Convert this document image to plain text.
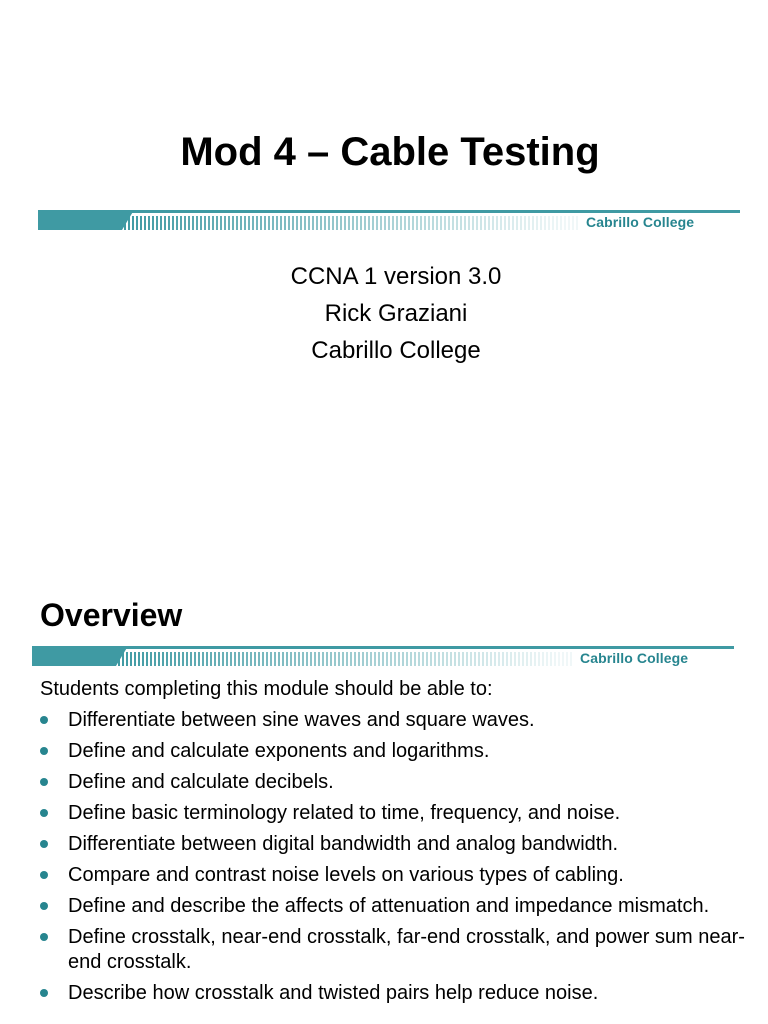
Mod 4 – Cable Testing
Cabrillo College
CCNA 1 version 3.0
Rick Graziani
Cabrillo College
Overview
Cabrillo College
Students completing this module should be able to:
Differentiate between sine waves and square waves.
Define and calculate exponents and logarithms.
Define and calculate decibels.
Define basic terminology related to time, frequency, and noise.
Differentiate between digital bandwidth and analog bandwidth.
Compare and contrast noise levels on various types of cabling.
Define and describe the affects of attenuation and impedance mismatch.
Define crosstalk, near-end crosstalk, far-end crosstalk, and power sum near-end crosstalk.
Describe how crosstalk and twisted pairs help reduce noise.
